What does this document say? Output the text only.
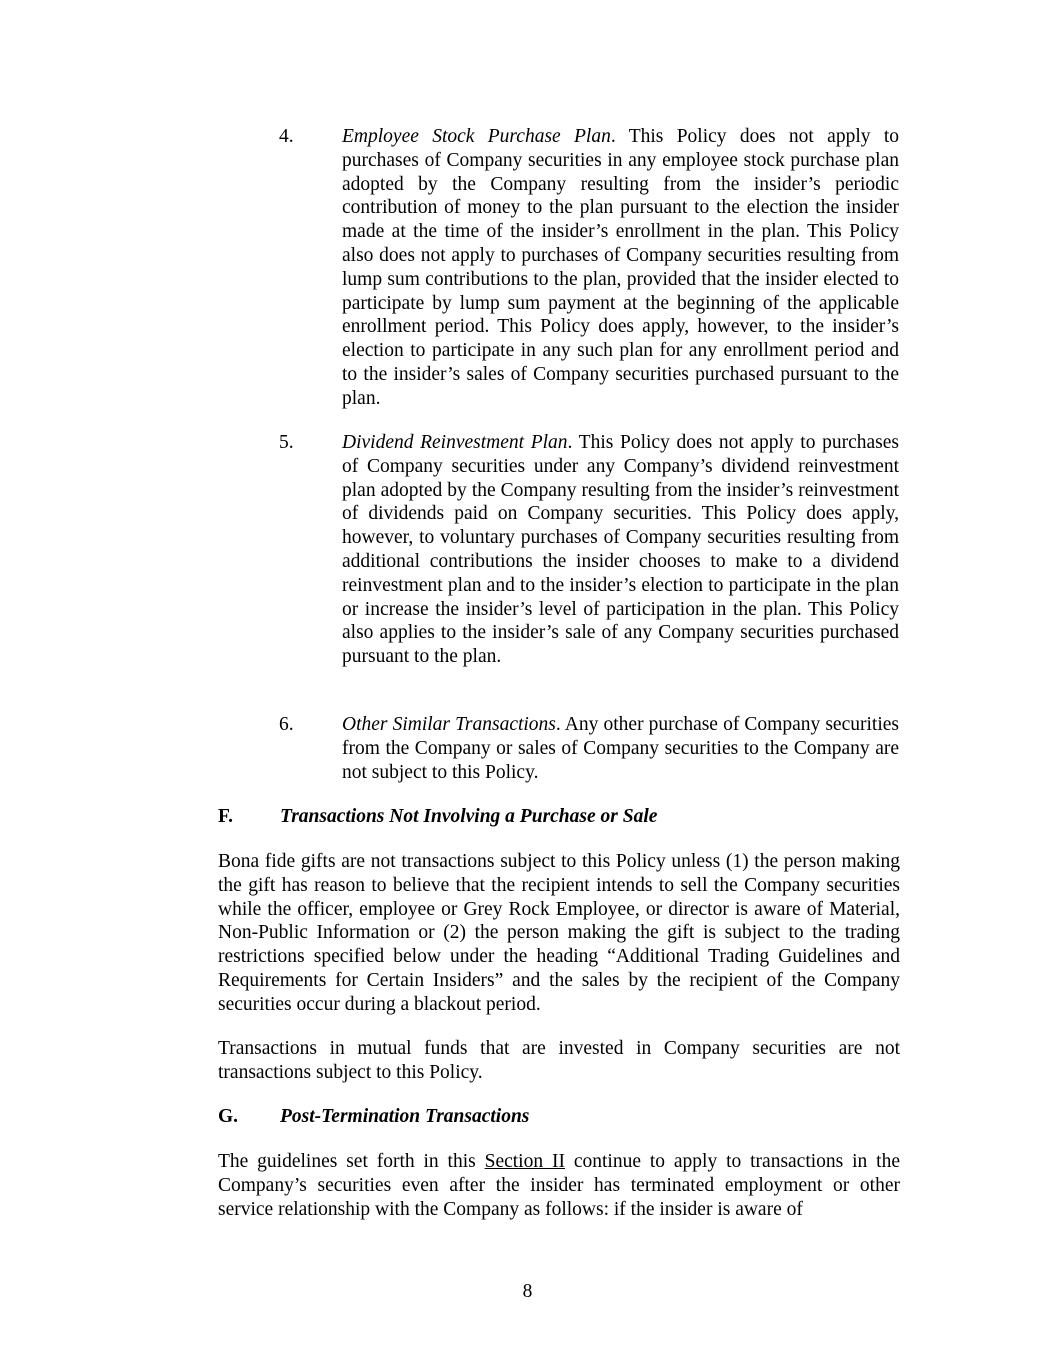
4.	Employee Stock Purchase Plan. This Policy does not apply to purchases of Company securities in any employee stock purchase plan adopted by the Company resulting from the insider’s periodic contribution of money to the plan pursuant to the election the insider made at the time of the insider’s enrollment in the plan. This Policy also does not apply to purchases of Company securities resulting from lump sum contributions to the plan, provided that the insider elected to participate by lump sum payment at the beginning of the applicable enrollment period. This Policy does apply, however, to the insider’s election to participate in any such plan for any enrollment period and to the insider’s sales of Company securities purchased pursuant to the plan.
5.	Dividend Reinvestment Plan. This Policy does not apply to purchases of Company securities under any Company’s dividend reinvestment plan adopted by the Company resulting from the insider’s reinvestment of dividends paid on Company securities. This Policy does apply, however, to voluntary purchases of Company securities resulting from additional contributions the insider chooses to make to a dividend reinvestment plan and to the insider’s election to participate in the plan or increase the insider’s level of participation in the plan. This Policy also applies to the insider’s sale of any Company securities purchased pursuant to the plan.
6.	Other Similar Transactions. Any other purchase of Company securities from the Company or sales of Company securities to the Company are not subject to this Policy.
F. Transactions Not Involving a Purchase or Sale
Bona fide gifts are not transactions subject to this Policy unless (1) the person making the gift has reason to believe that the recipient intends to sell the Company securities while the officer, employee or Grey Rock Employee, or director is aware of Material, Non-Public Information or (2) the person making the gift is subject to the trading restrictions specified below under the heading “Additional Trading Guidelines and Requirements for Certain Insiders” and the sales by the recipient of the Company securities occur during a blackout period.
Transactions in mutual funds that are invested in Company securities are not transactions subject to this Policy.
G. Post-Termination Transactions
The guidelines set forth in this Section II continue to apply to transactions in the Company’s securities even after the insider has terminated employment or other service relationship with the Company as follows: if the insider is aware of
8
